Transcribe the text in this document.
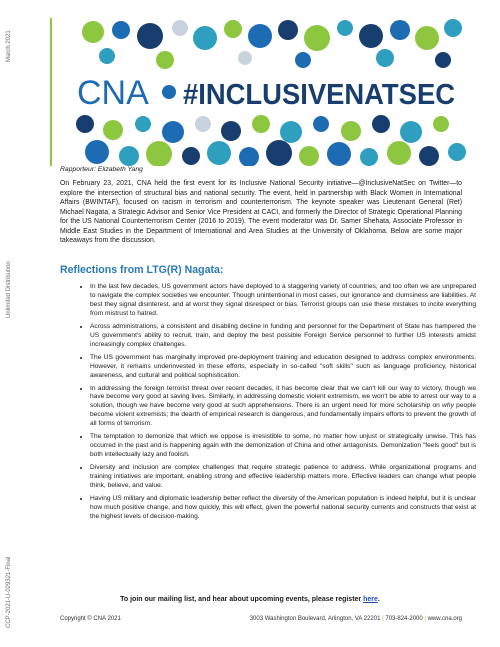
March 2021
Unlimited Distribution
CCP-2021-U-029321-Final
CNA #INCLUSIVENATSEC
Rapporteur: Elizabeth Yang

On February 23, 2021, CNA held the first event for its Inclusive National Security initiative—@InclusiveNatSec on Twitter—to explore the intersection of structural bias and national security. The event, held in partnership with Black Women in International Affairs (BWINTAF), focused on racism in terrorism and counterterrorism. The keynote speaker was Lieutenant General (Ret) Michael Nagata, a Strategic Advisor and Senior Vice President at CACI, and formerly the Director of Strategic Operational Planning for the US National Counterterrorism Center (2016 to 2019). The event moderator was Dr. Samer Shehata, Associate Professor in Middle East Studies in the Department of International and Area Studies at the University of Oklahoma. Below are some major takeaways from the discussion.

Reflections from LTG(R) Nagata:
• In the last few decades, US government actors have deployed to a staggering variety of countries, and too often we are unprepared to navigate the complex societies we encounter. Though unintentional in most cases, our ignorance and clumsiness are liabilities. At best they signal disinterest, and at worst they signal disrespect or bias. Terrorist groups can use these mistakes to incite everything from mistrust to hatred.
• Across administrations, a consistent and disabling decline in funding and personnel for the Department of State has hampered the US government's ability to recruit, train, and deploy the best possible Foreign Service personnel to further US interests amidst increasingly complex challenges.
• The US government has marginally improved pre-deployment training and education designed to address complex environments. However, it remains underinvested in these efforts, especially in so-called "soft skills" such as language proficiency, historical awareness, and cultural and political sophistication.
• In addressing the foreign terrorist threat over recent decades, it has become clear that we can't kill our way to victory, though we have become very good at saving lives. Similarly, in addressing domestic violent extremism, we won't be able to arrest our way to a solution, though we have become very good at such apprehensions. There is an urgent need for more scholarship on why people become violent extremists; the dearth of empirical research is dangerous, and fundamentally impairs efforts to prevent the growth of all forms of terrorism.
• The temptation to demonize that which we oppose is irresistible to some, no matter how unjust or strategically unwise. This has occurred in the past and is happening again with the demonization of China and other antagonists. Demonization "feels good" but is both intellectually lazy and foolish.
• Diversity and inclusion are complex challenges that require strategic patience to address. While organizational programs and training initiatives are important, enabling strong and effective leadership matters more. Effective leaders can change what people think, believe, and value.
• Having US military and diplomatic leadership better reflect the diversity of the American population is indeed helpful, but it is unclear how much positive change, and how quickly, this will effect, given the powerful national security currents and constructs that exist at the highest levels of decision-making.
To join our mailing list, and hear about upcoming events, please register here.
Copyright © CNA 2021	3003 Washington Boulevard, Arlington, VA 22201 | 703-824-2000 | www.cna.org
